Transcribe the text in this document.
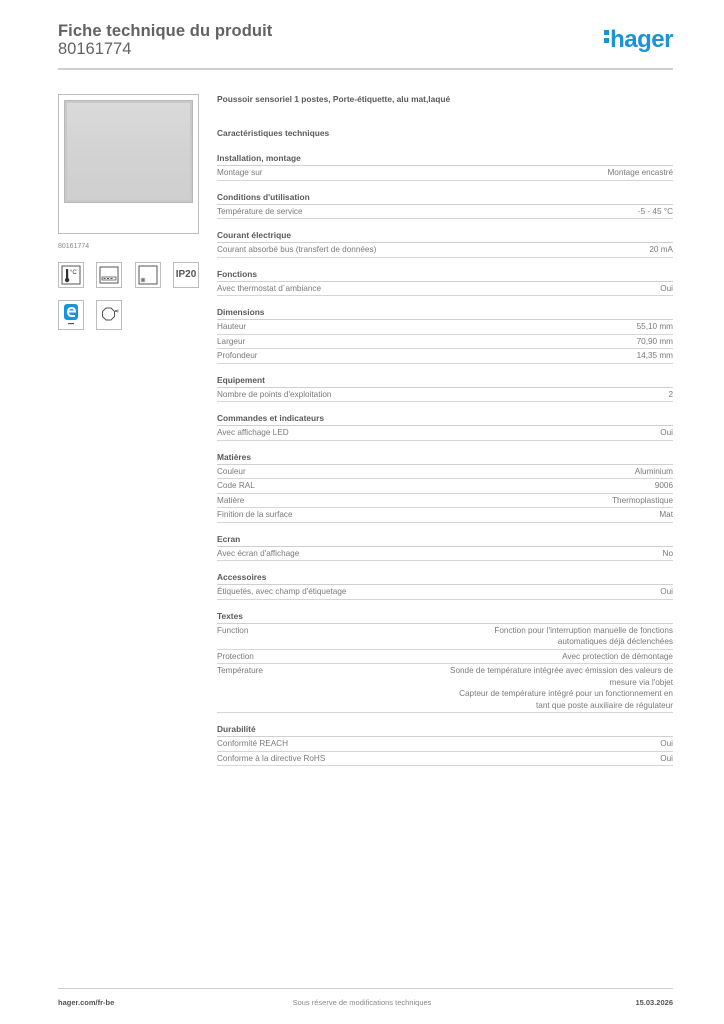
Fiche technique du produit
80161774	hager
80161774
°C	IP20
Poussoir sensoriel 1 postes, Porte-étiquette, alu mat,laqué
Caractéristiques techniques
Installation, montage
Montage sur	Montage encastré
Conditions d'utilisation
Température de service	-5 - 45 °C
Courant électrique
Courant absorbé bus (transfert de données)	20 mA
Fonctions
Avec thermostat d´ambiance	Oui
Dimensions
Hauteur	55,10 mm
Largeur	70,90 mm
Profondeur	14,35 mm
Equipement
Nombre de points d'exploitation	2
Commandes et indicateurs
Avec affichage LED	Oui
Matières
Couleur	Aluminium
Code RAL	9006
Matière	Thermoplastique
Finition de la surface	Mat
Ecran
Avec écran d'affichage	No
Accessoires
Étiquetés, avec champ d'étiquetage	Oui
Textes
Function	Fonction pour l'interruption manuelle de fonctions
automatiques déjà déclenchées
Protection	Avec protection de démontage
Température	Sonde de température intégrée avec émission des valeurs de
mesure via l'objet
Capteur de température intégré pour un fonctionnement en
tant que poste auxiliaire de régulateur
Durabilité
Conformité REACH	Oui
Conforme à la directive RoHS	Oui
hager.com/fr-be	Sous réserve de modifications techniques	15.03.2026
